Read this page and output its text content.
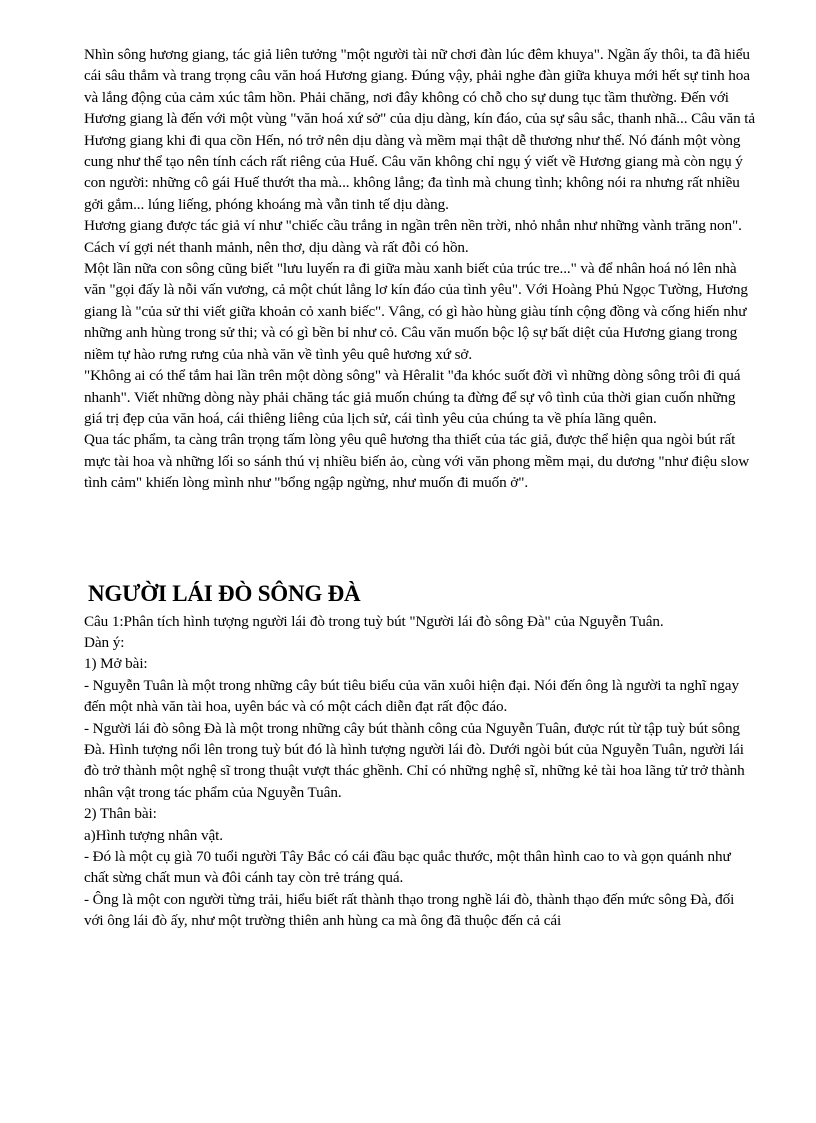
Nhìn sông hương giang, tác giả liên tưởng "một người tài nữ chơi đàn lúc đêm khuya". Ngần ấy thôi, ta đã hiểu cái sâu thẳm và trang trọng câu văn hoá Hương giang. Đúng vậy, phải nghe đàn giữa khuya mới hết sự tinh hoa và lắng động của cảm xúc tâm hồn. Phải chăng, nơi đây không có chỗ cho sự dung tục tầm thường. Đến với Hương giang là đến với một vùng "văn hoá xứ sở" của dịu dàng, kín đáo, của sự sâu sắc, thanh nhã... Câu văn tả Hương giang khi đi qua cồn Hến, nó trở nên dịu dàng và mềm mại thật dễ thương như thế. Nó đánh một vòng cung như thể tạo nên tính cách rất riêng của Huế. Câu văn không chỉ ngụ ý viết về Hương giang mà còn ngụ ý con người: những cô gái Huế thướt tha mà... không lẳng; đa tình mà chung tình; không nói ra nhưng rất nhiều gởi gắm... lúng liếng, phóng khoáng mà vẫn tinh tế dịu dàng.

Hương giang được tác giả ví như "chiếc cầu trắng in ngần trên nền trời, nhỏ nhắn như những vành trăng non". Cách ví gợi nét thanh mảnh, nên thơ, dịu dàng và rất đỗi có hồn.

Một lần nữa con sông cũng biết "lưu luyến ra đi giữa màu xanh biết của trúc tre..." và để nhân hoá nó lên nhà văn "gọi đấy là nỗi vấn vương, cả một chút lẳng lơ kín đáo của tình yêu". Với Hoàng Phủ Ngọc Tường, Hương giang là "của sử thi viết giữa khoản cỏ xanh biếc". Vâng, có gì hào hùng giàu tính cộng đồng và cống hiến như những anh hùng trong sử thi; và có gì bền bỉ như cỏ. Câu văn muốn bộc lộ sự bất diệt của Hương giang trong niềm tự hào rưng rưng của nhà văn về tình yêu quê hương xứ sở.

"Không ai có thể tắm hai lần trên một dòng sông" và Hêralit "đa khóc suốt đời vì những dòng sông trôi đi quá nhanh". Viết những dòng này phải chăng tác giả muốn chúng ta đừng để sự vô tình của thời gian cuốn những giá trị đẹp của văn hoá, cái thiêng liêng của lịch sử, cái tình yêu của chúng ta về phía lãng quên.

Qua tác phẩm, ta càng trân trọng tấm lòng yêu quê hương tha thiết của tác giả, được thể hiện qua ngòi bút rất mực tài hoa và những lối so sánh thú vị nhiều biến ảo, cùng với văn phong mềm mại, du dương "như điệu slow tình cảm" khiến lòng mình như "bổng ngập ngừng, như muốn đi muốn ở".

NGƯỜI LÁI ĐÒ SÔNG ĐÀ

Câu 1:Phân tích hình tượng người lái đò trong tuỳ bút "Người lái đò sông Đà" của Nguyễn Tuân.

Dàn ý:

1) Mở bài:

- Nguyễn Tuân là một trong những cây bút tiêu biểu của văn xuôi hiện đại. Nói đến ông là người ta nghĩ ngay đến một nhà văn tài hoa, uyên bác và có một cách diễn đạt rất độc đáo.

- Người lái đò sông Đà là một trong những cây bút thành công của Nguyễn Tuân, được rút từ tập tuỳ bút sông Đà. Hình tượng nổi lên trong tuỳ bút đó là hình tượng người lái đò. Dưới ngòi bút của Nguyễn Tuân, người lái đò trở thành một nghệ sĩ trong thuật vượt thác ghềnh. Chỉ có những nghệ sĩ, những kẻ tài hoa lãng tử trở thành nhân vật trong tác phẩm của Nguyễn Tuân.

2) Thân bài:

a)Hình tượng nhân vật.

- Đó là một cụ già 70 tuổi người Tây Bắc có cái đầu bạc quắc thước, một thân hình cao to và gọn quánh như chất sừng chất mun và đôi cánh tay còn trẻ tráng quá.

- Ông là một con người từng trải, hiểu biết rất thành thạo trong nghề lái đò, thành thạo đến mức sông Đà, đối với ông lái đò ấy, như một trường thiên anh hùng ca mà ông đã thuộc đến cả cái
